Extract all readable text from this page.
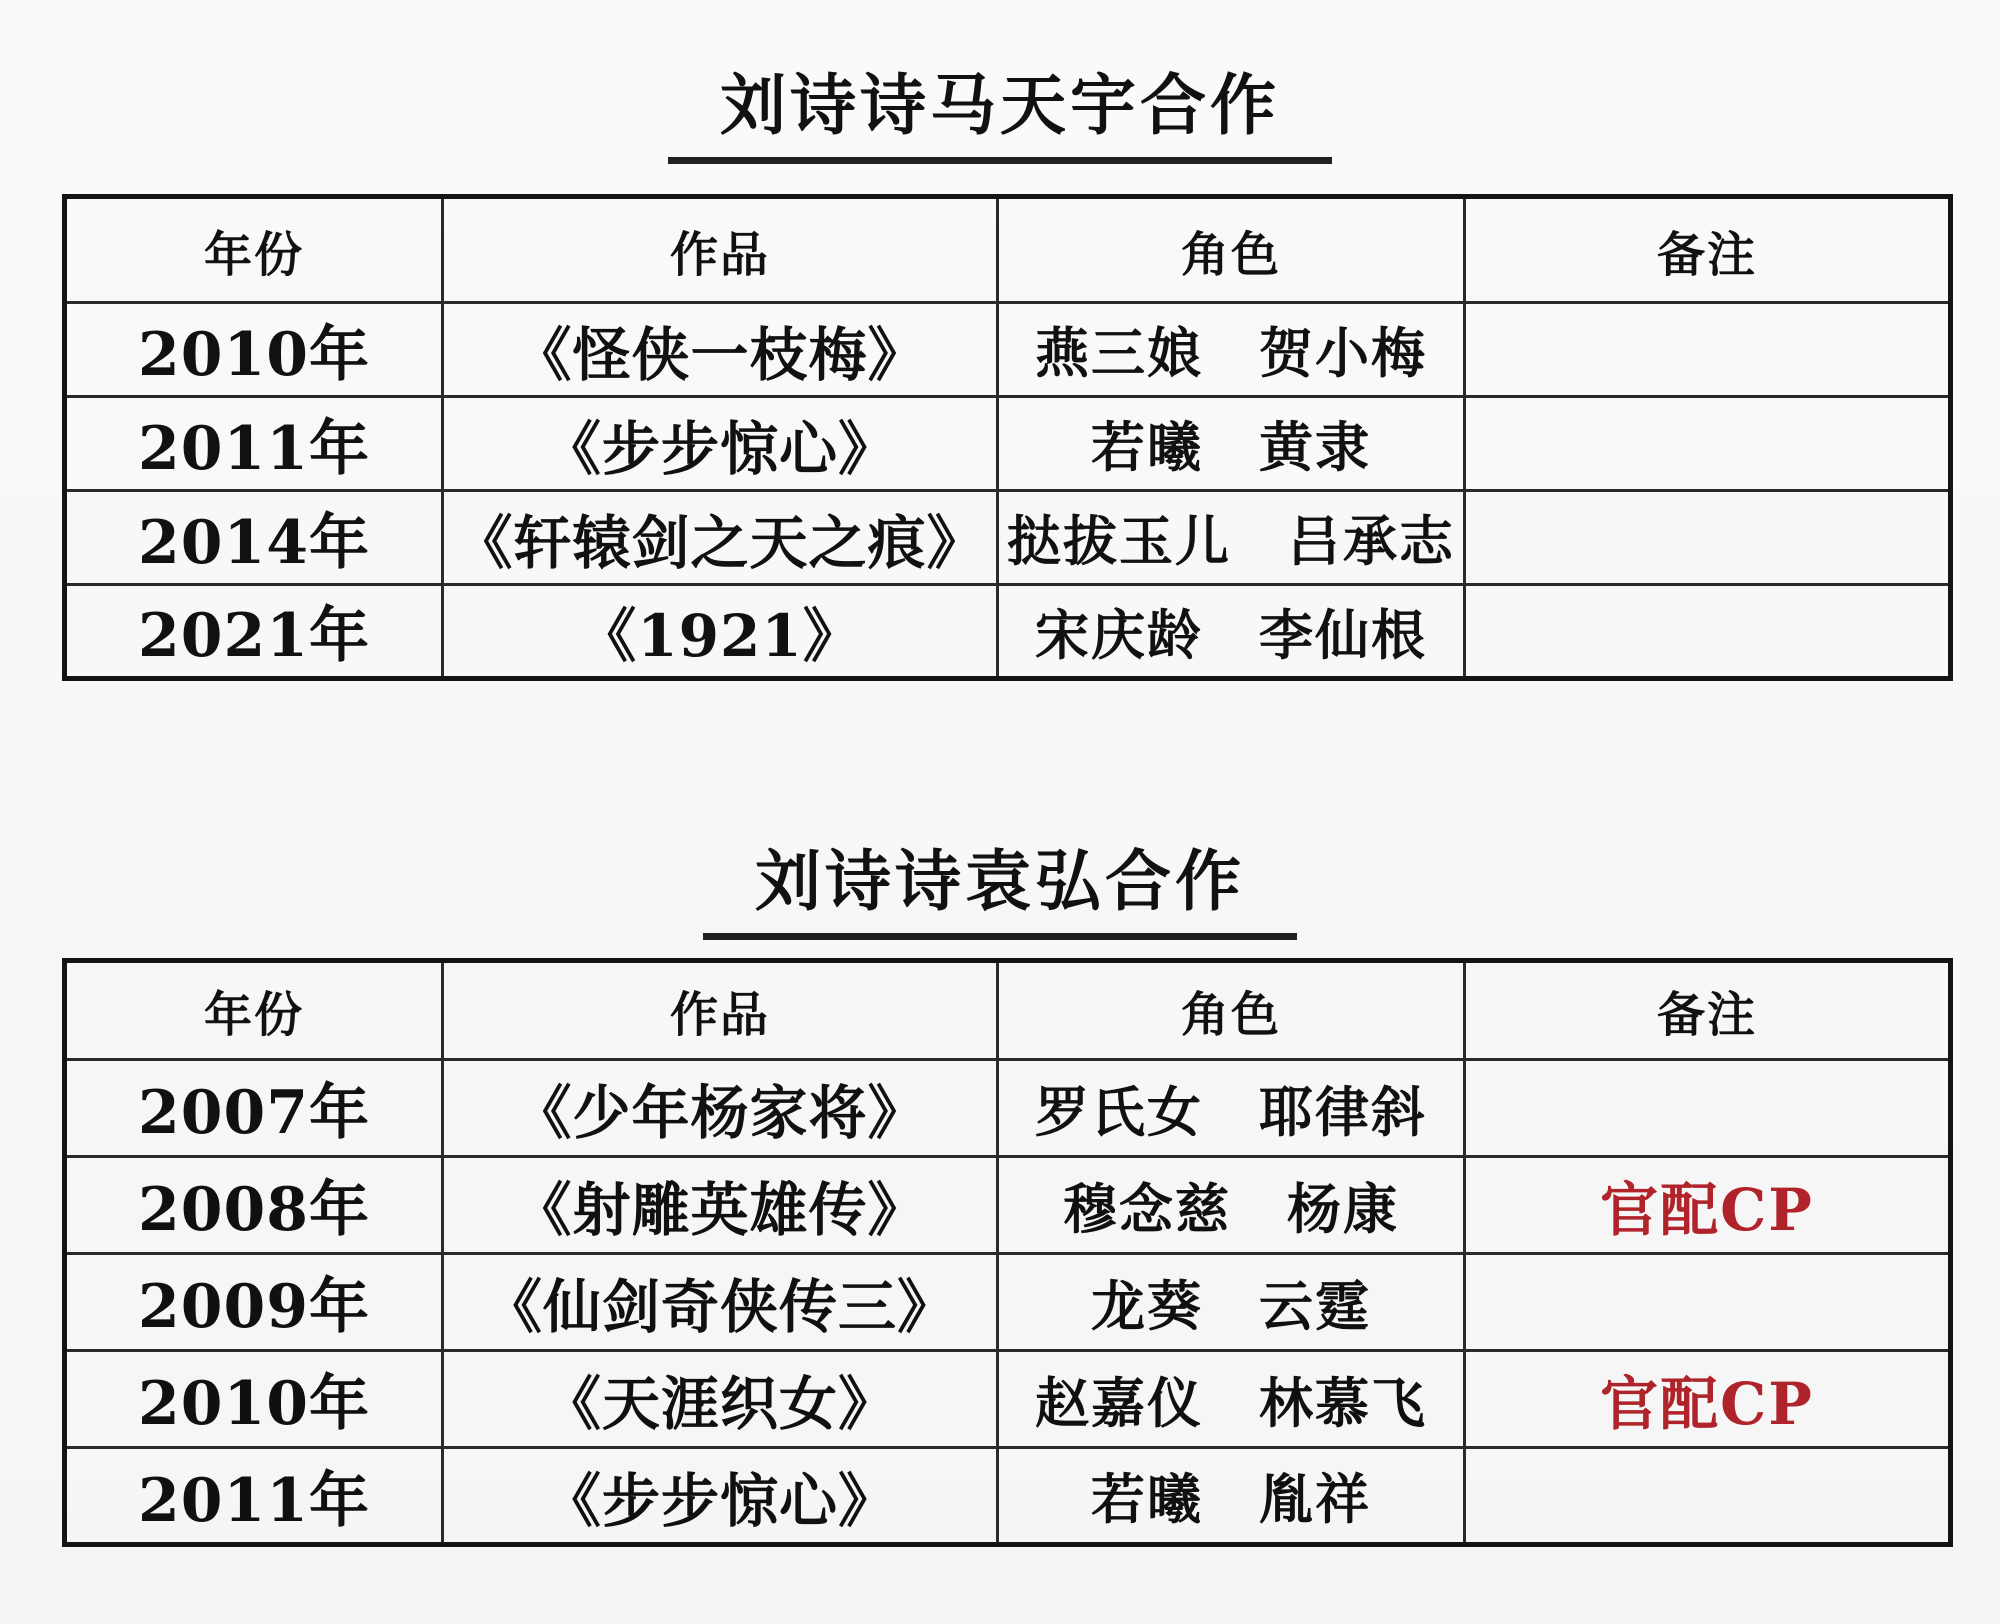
刘诗诗马天宇合作
年份	作品	角色	备注
2010年	《怪侠一枝梅》	燕三娘　贺小梅	
2011年	《步步惊心》	若曦　黄隶	
2014年	《轩辕剑之天之痕》	挞拔玉儿　吕承志	
2021年	《1921》	宋庆龄　李仙根	
刘诗诗袁弘合作
年份	作品	角色	备注
2007年	《少年杨家将》	罗氏女　耶律斜	
2008年	《射雕英雄传》	穆念慈　杨康	官配CP
2009年	《仙剑奇侠传三》	龙葵　云霆	
2010年	《天涯织女》	赵嘉仪　林慕飞	官配CP
2011年	《步步惊心》	若曦　胤祥	
